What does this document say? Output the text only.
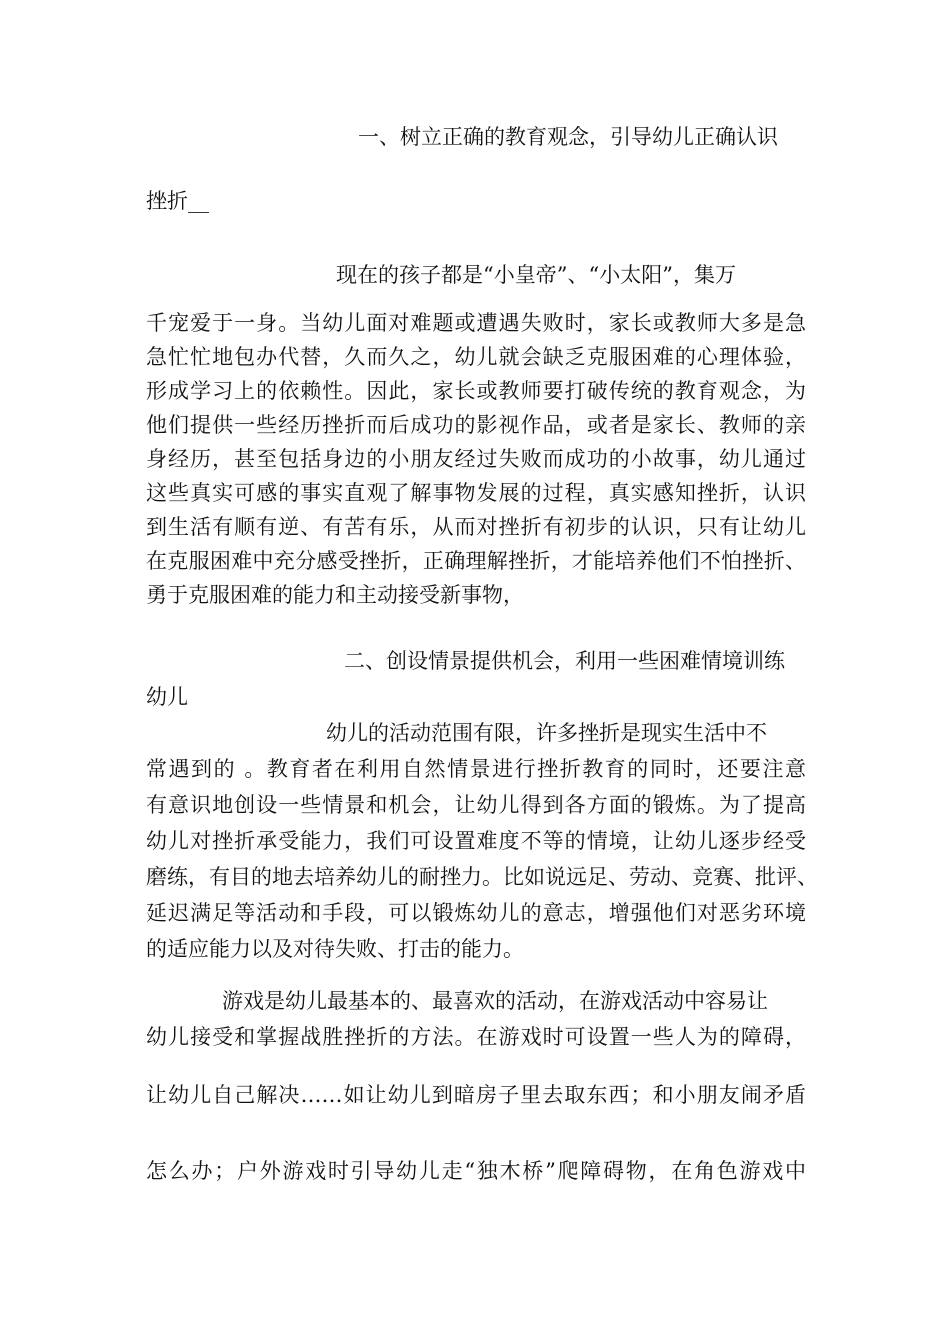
一、树立正确的教育观念，引导幼儿正确认识
挫折__
现在的孩子都是“小皇帝”、“小太阳”，集万
千宠爱于一身。当幼儿面对难题或遭遇失败时，家长或教师大多是急
急忙忙地包办代替，久而久之，幼儿就会缺乏克服困难的心理体验，
形成学习上的依赖性。因此，家长或教师要打破传统的教育观念，为
他们提供一些经历挫折而后成功的影视作品，或者是家长、教师的亲
身经历，甚至包括身边的小朋友经过失败而成功的小故事，幼儿通过
这些真实可感的事实直观了解事物发展的过程，真实感知挫折，认识
到生活有顺有逆、有苦有乐，从而对挫折有初步的认识，只有让幼儿
在克服困难中充分感受挫折，正确理解挫折，才能培养他们不怕挫折、
勇于克服困难的能力和主动接受新事物，
二、创设情景提供机会，利用一些困难情境训练
幼儿
幼儿的活动范围有限，许多挫折是现实生活中不
常遇到的 。教育者在利用自然情景进行挫折教育的同时，还要注意
有意识地创设一些情景和机会，让幼儿得到各方面的锻炼。为了提高
幼儿对挫折承受能力，我们可设置难度不等的情境，让幼儿逐步经受
磨练，有目的地去培养幼儿的耐挫力。比如说远足、劳动、竞赛、批评、
延迟满足等活动和手段，可以锻炼幼儿的意志，增强他们对恶劣环境
的适应能力以及对待失败、打击的能力。
游戏是幼儿最基本的、最喜欢的活动，在游戏活动中容易让
幼儿接受和掌握战胜挫折的方法。在游戏时可设置一些人为的障碍，
让幼儿自己解决……如让幼儿到暗房子里去取东西；和小朋友闹矛盾
怎么办；户外游戏时引导幼儿走“独木桥”爬障碍物，在角色游戏中
